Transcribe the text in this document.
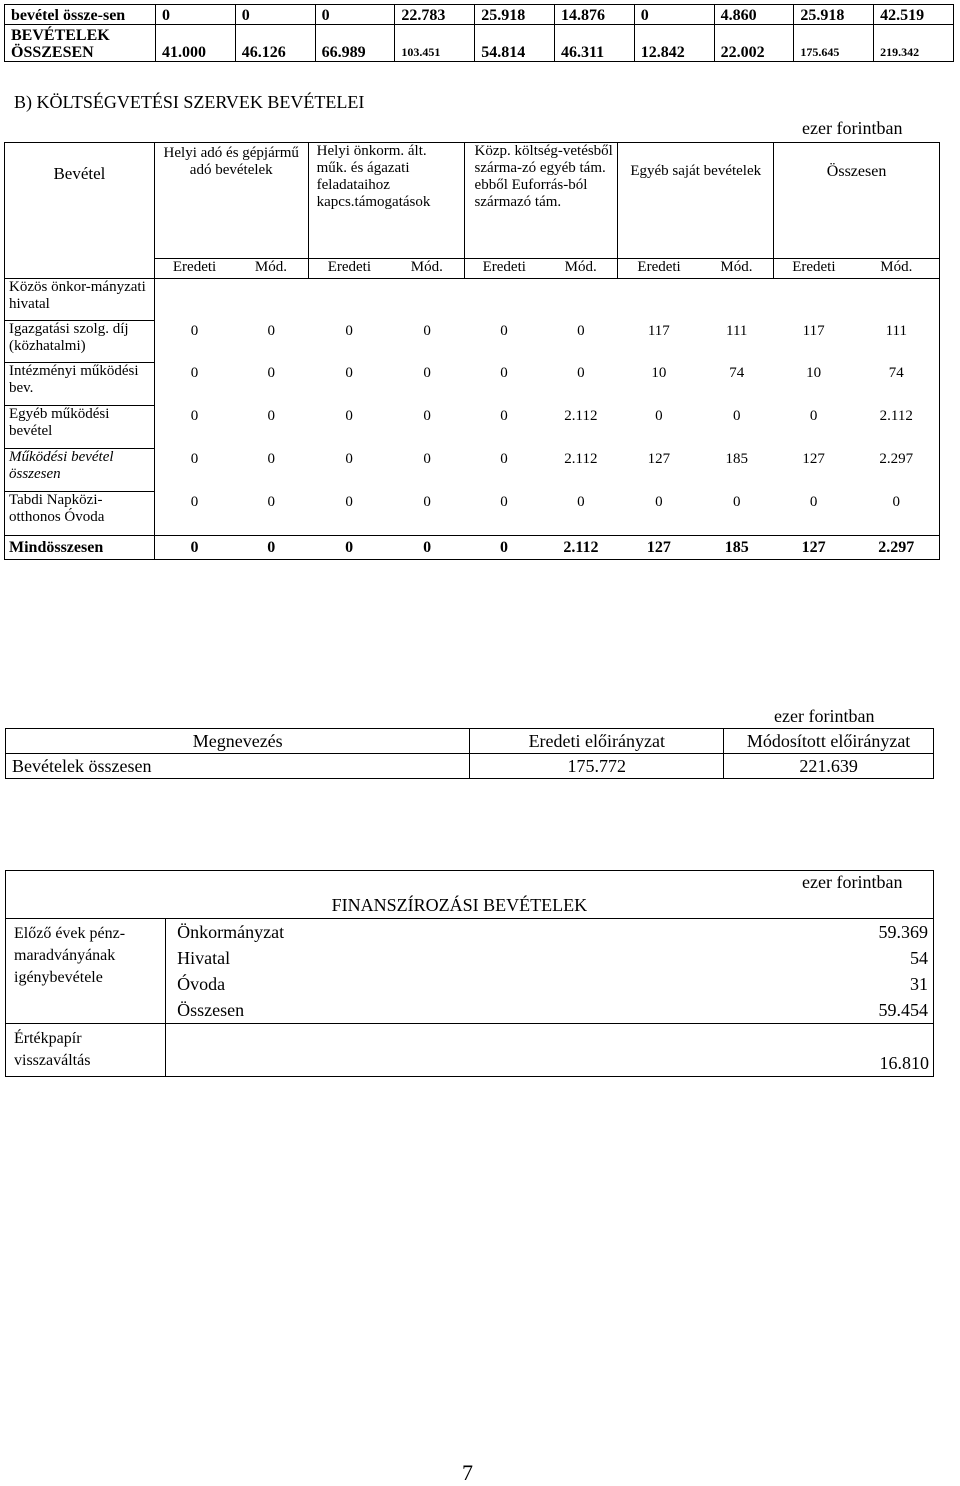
bevétel össze-sen	0	0	0	22.783	25.918	14.876	0	4.860	25.918	42.519
BEVÉTELEK ÖSSZESEN	41.000	46.126	66.989	103.451	54.814	46.311	12.842	22.002	175.645	219.342
B) KÖLTSÉGVETÉSI SZERVEK BEVÉTELEI
ezer forintban
Bevétel	Helyi adó és gépjármű adó bevételek		Helyi önkorm. ált. műk. és ágazati feladataihoz kapcs.támogatások		Közp. költség-vetésből szárma-zó egyéb tám. ebből Euforrás-ból származó tám.		Egyéb saját bevételek		Összesen	
	Eredeti	Mód.	Eredeti	Mód.	Eredeti	Mód.	Eredeti	Mód.	Eredeti	Mód.
Közös önkor-mányzati hivatal										
Igazgatási szolg. díj (közhatalmi)	0	0	0	0	0	0	117	111	117	111
Intézményi működési bev.	0	0	0	0	0	0	10	74	10	74
Egyéb működési bevétel	0	0	0	0	0	2.112	0	0	0	2.112
Működési bevétel összesen	0	0	0	0	0	2.112	127	185	127	2.297
Tabdi Napközi-otthonos Óvoda	0	0	0	0	0	0	0	0	0	0
Mindösszesen	0	0	0	0	0	2.112	127	185	127	2.297
ezer forintban
Megnevezés	Eredeti előirányzat	Módosított előirányzat
Bevételek összesen	175.772	221.639
ezer forintban
	FINANSZÍROZÁSI BEVÉTELEK
Előző évek pénz-maradványának igénybevétele	Önkormányzat 59.369

	Hivatal 54

	Óvoda 31

	Összesen 59.454

Értékpapír visszaváltás	16.810
7
